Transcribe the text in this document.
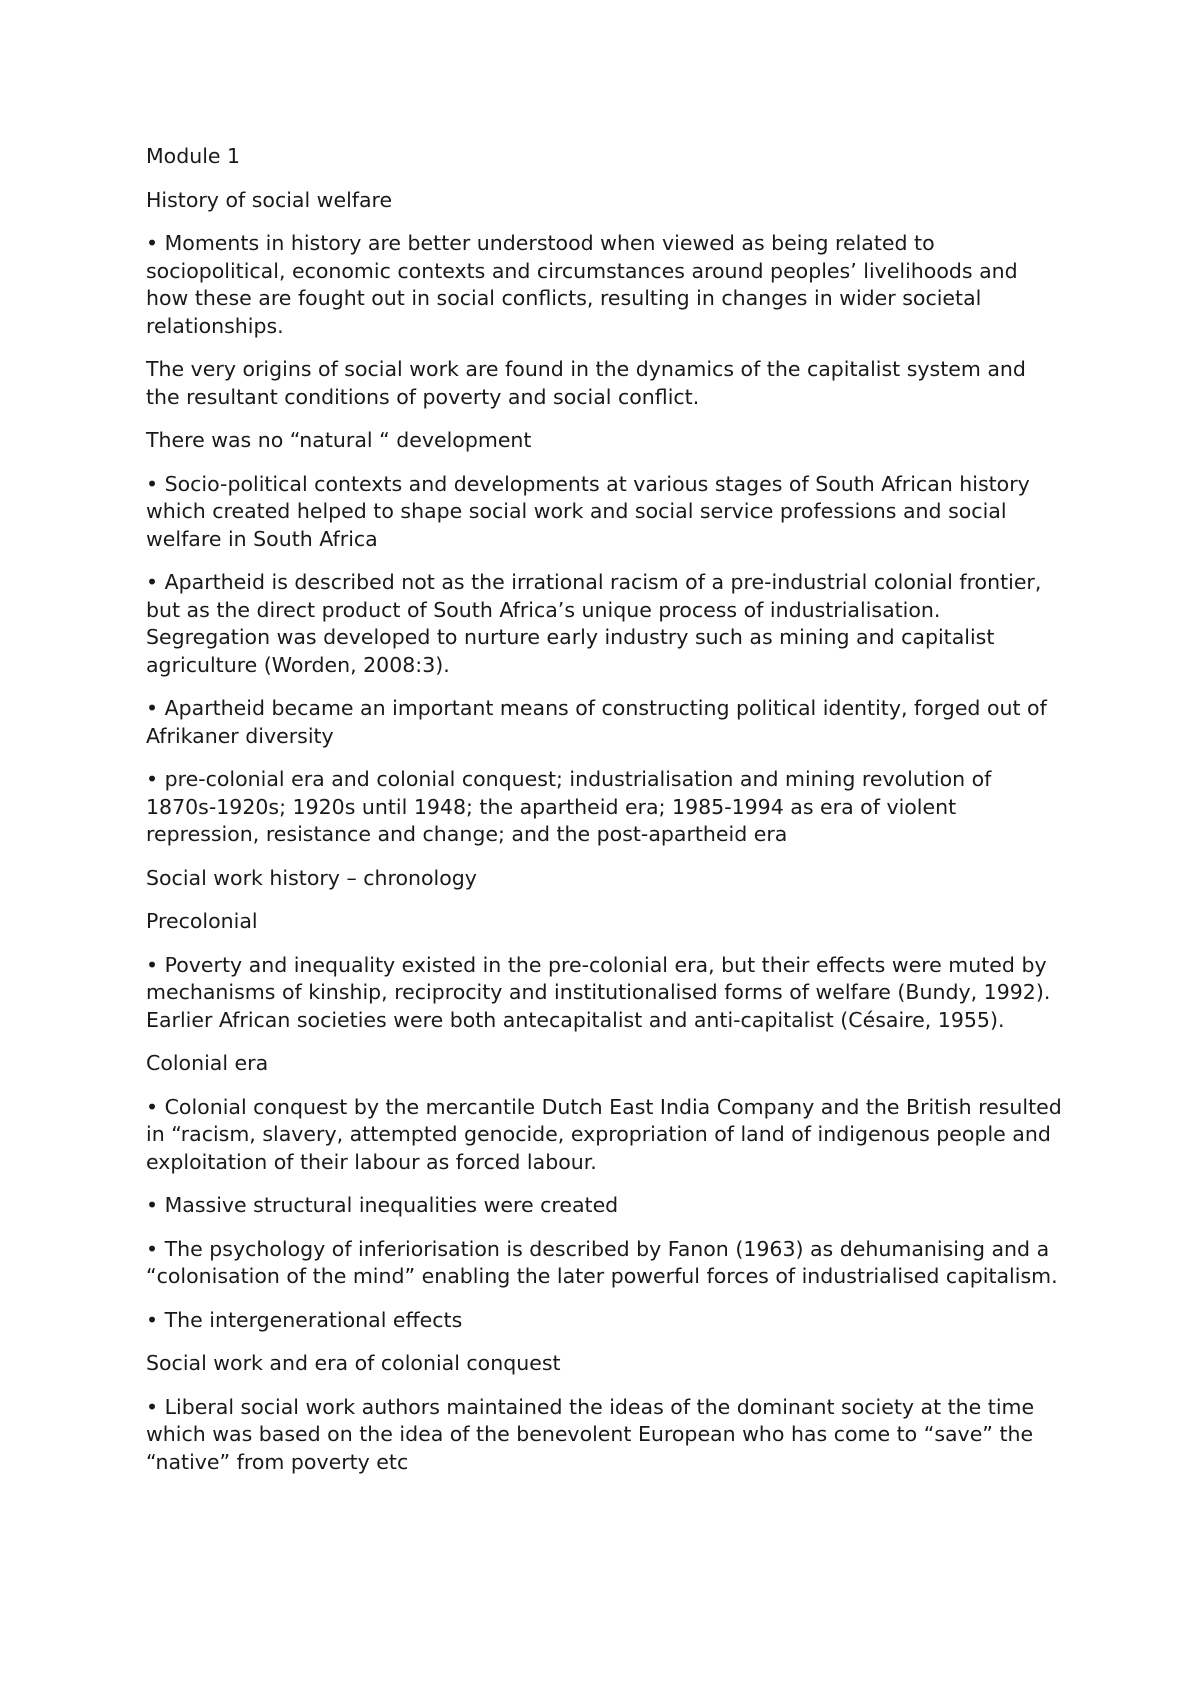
Module 1

History of social welfare

• Moments in history are better understood when viewed as being related to sociopolitical, economic contexts and circumstances around peoples’ livelihoods and how these are fought out in social conflicts, resulting in changes in wider societal relationships.

The very origins of social work are found in the dynamics of the capitalist system and the resultant conditions of poverty and social conflict.

There was no “natural “ development

• Socio-political contexts and developments at various stages of South African history which created helped to shape social work and social service professions and social welfare in South Africa

• Apartheid is described not as the irrational racism of a pre-industrial colonial frontier, but as the direct product of South Africa’s unique process of industrialisation. Segregation was developed to nurture early industry such as mining and capitalist agriculture (Worden, 2008:3).

• Apartheid became an important means of constructing political identity, forged out of Afrikaner diversity

• pre-colonial era and colonial conquest; industrialisation and mining revolution of 1870s-1920s; 1920s until 1948; the apartheid era; 1985-1994 as era of violent repression, resistance and change; and the post-apartheid era

Social work history – chronology

Precolonial

• Poverty and inequality existed in the pre-colonial era, but their effects were muted by mechanisms of kinship, reciprocity and institutionalised forms of welfare (Bundy, 1992). Earlier African societies were both antecapitalist and anti-capitalist (Césaire, 1955).

Colonial era

• Colonial conquest by the mercantile Dutch East India Company and the British resulted in “racism, slavery, attempted genocide, expropriation of land of indigenous people and exploitation of their labour as forced labour.

• Massive structural inequalities were created

• The psychology of inferiorisation is described by Fanon (1963) as dehumanising and a “colonisation of the mind” enabling the later powerful forces of industrialised capitalism.

• The intergenerational effects

Social work and era of colonial conquest

• Liberal social work authors maintained the ideas of the dominant society at the time which was based on the idea of the benevolent European who has come to “save” the “native” from poverty etc
